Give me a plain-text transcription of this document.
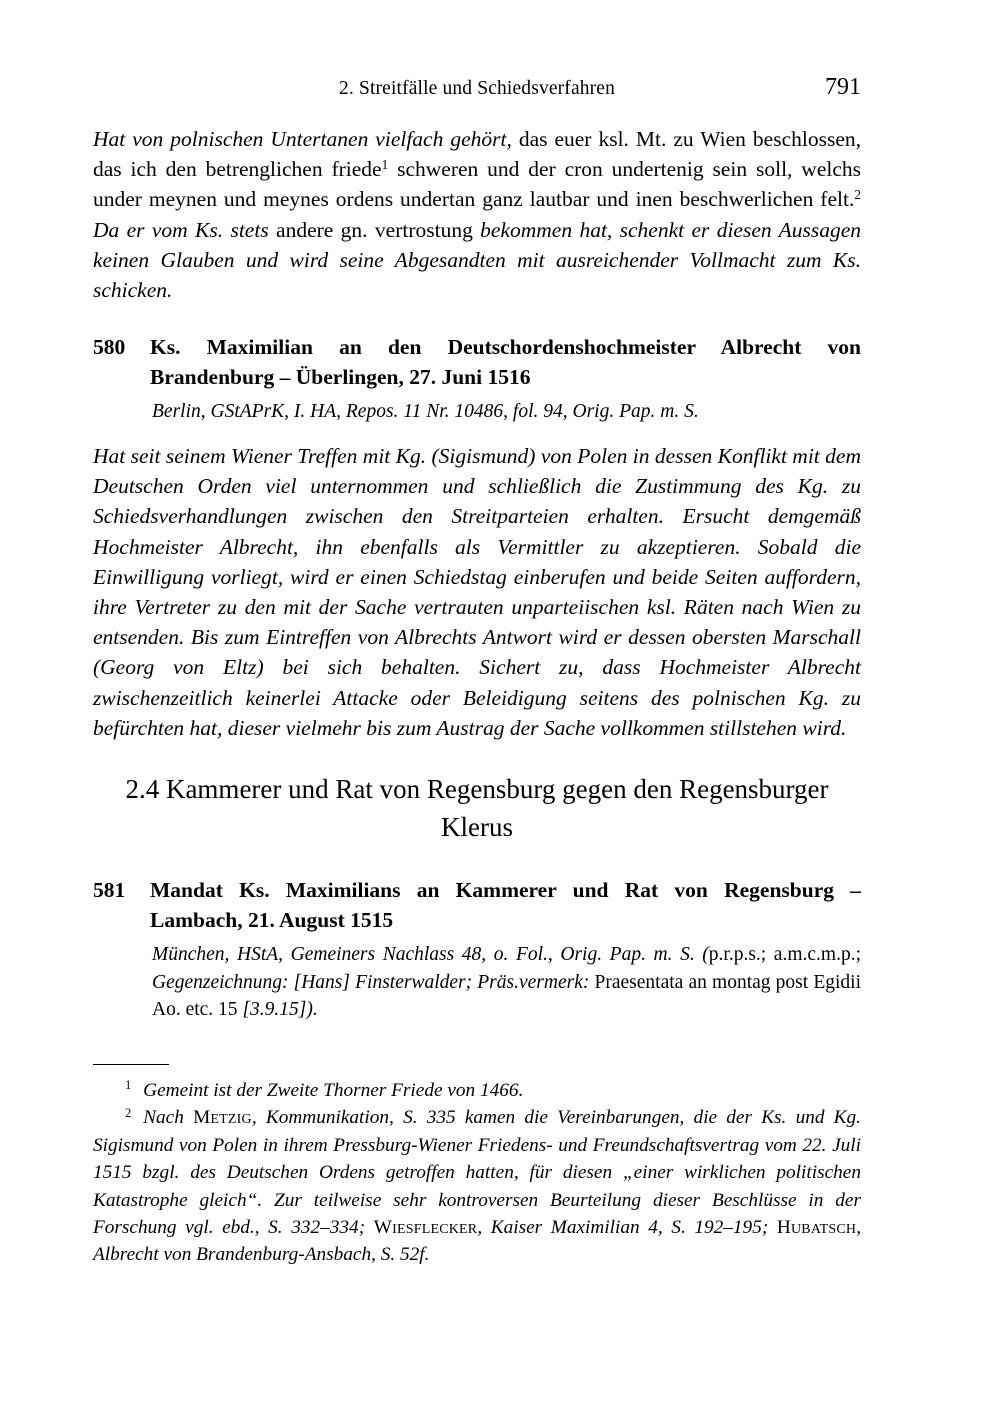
2. Streitfälle und Schiedsverfahren	791
Hat von polnischen Untertanen vielfach gehört, das euer ksl. Mt. zu Wien beschlossen, das ich den betrenglichen friede$^1$ schweren und der cron undertenig sein soll, welchs under meynen und meynes ordens undertan ganz lautbar und inen beschwerlichen felt.$^2$ Da er vom Ks. stets andere gn. vertrostung bekommen hat, schenkt er diesen Aussagen keinen Glauben und wird seine Abgesandten mit ausreichender Vollmacht zum Ks. schicken.
580 Ks. Maximilian an den Deutschordenshochmeister Albrecht von Brandenburg – Überlingen, 27. Juni 1516
Berlin, GStAPrK, I. HA, Repos. 11 Nr. 10486, fol. 94, Orig. Pap. m. S.
Hat seit seinem Wiener Treffen mit Kg. (Sigismund) von Polen in dessen Konflikt mit dem Deutschen Orden viel unternommen und schließlich die Zustimmung des Kg. zu Schiedsverhandlungen zwischen den Streitparteien erhalten. Ersucht demgemäß Hochmeister Albrecht, ihn ebenfalls als Vermittler zu akzeptieren. Sobald die Einwilligung vorliegt, wird er einen Schiedstag einberufen und beide Seiten auffordern, ihre Vertreter zu den mit der Sache vertrauten unparteiischen ksl. Räten nach Wien zu entsenden. Bis zum Eintreffen von Albrechts Antwort wird er dessen obersten Marschall (Georg von Eltz) bei sich behalten. Sichert zu, dass Hochmeister Albrecht zwischenzeitlich keinerlei Attacke oder Beleidigung seitens des polnischen Kg. zu befürchten hat, dieser vielmehr bis zum Austrag der Sache vollkommen stillstehen wird.
2.4 Kammerer und Rat von Regensburg gegen den Regensburger
Klerus
581 Mandat Ks. Maximilians an Kammerer und Rat von Regensburg – Lambach, 21. August 1515
München, HStA, Gemeiners Nachlass 48, o. Fol., Orig. Pap. m. S. (p.r.p.s.; a.m.c.m.p.; Gegenzeichnung: [Hans] Finsterwalder; Präs.vermerk: Praesentata an montag post Egidii Ao. etc. 15 [3.9.15]).
$^1$ Gemeint ist der Zweite Thorner Friede von 1466.
$^2$ Nach Metzig, Kommunikation, S. 335 kamen die Vereinbarungen, die der Ks. und Kg. Sigismund von Polen in ihrem Pressburg-Wiener Friedens- und Freundschaftsvertrag vom 22. Juli 1515 bzgl. des Deutschen Ordens getroffen hatten, für diesen „einer wirklichen politischen Katastrophe gleich“. Zur teilweise sehr kontroversen Beurteilung dieser Beschlüsse in der Forschung vgl. ebd., S. 332–334; Wiesflecker, Kaiser Maximilian 4, S. 192–195; Hubatsch, Albrecht von Brandenburg-Ansbach, S. 52f.
